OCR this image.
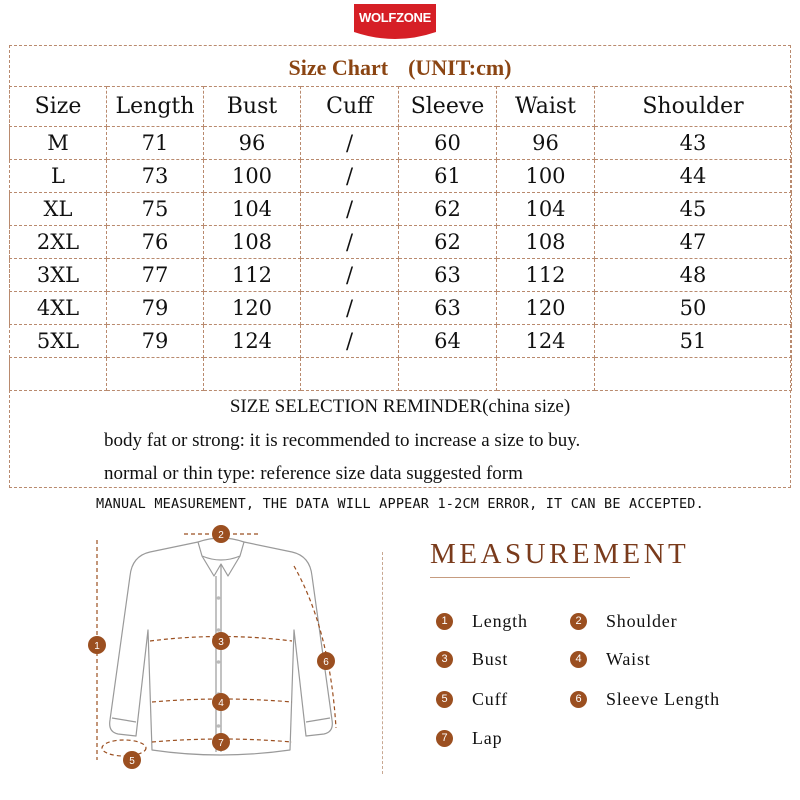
WOLFZONE
Size Chart (UNIT:cm)
Size	Length	Bust	Cuff	Sleeve	Waist	Shoulder
M	71	96	/	60	96	43
L	73	100	/	61	100	44
XL	75	104	/	62	104	45
2XL	76	108	/	62	108	47
3XL	77	112	/	63	112	48
4XL	79	120	/	63	120	50
5XL	79	124	/	64	124	51

SIZE SELECTION REMINDER(china size)
body fat or strong: it is recommended to increase a size to buy.
normal or thin type: reference size data suggested form
MANUAL MEASUREMENT, THE DATA WILL APPEAR 1-2CM ERROR, IT CAN BE ACCEPTED.
1
2
3
4
5
6
7
MEASUREMENT
1	Length	2	Shoulder
3	Bust	4	Waist
5	Cuff	6	Sleeve Length
7	Lap
